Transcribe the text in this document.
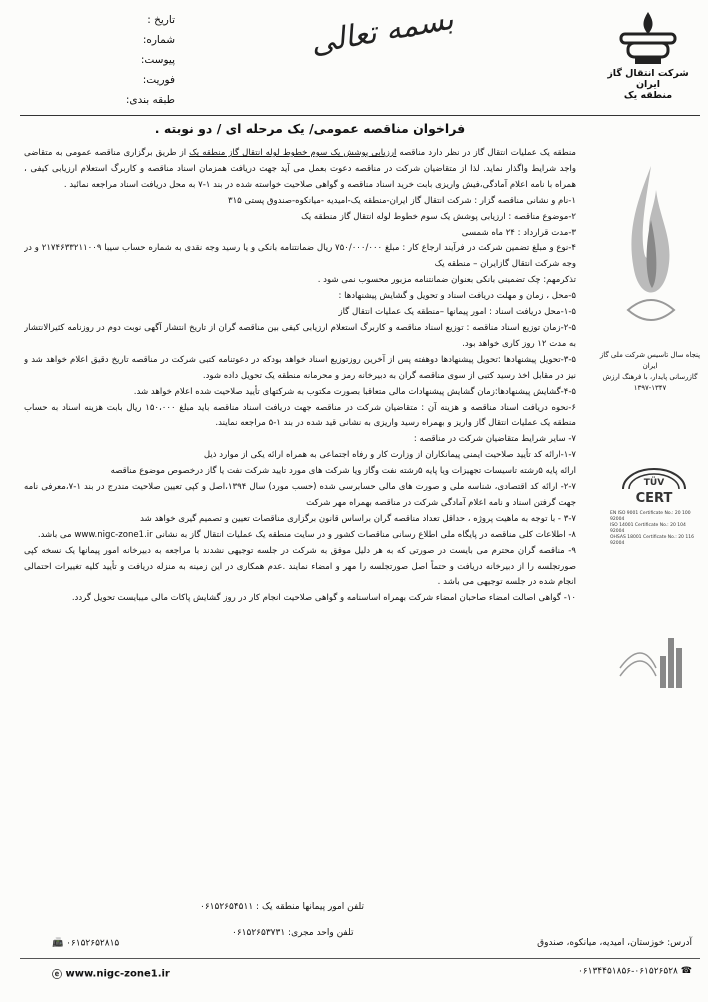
شرکت انتقال گاز ایران
منطقه یک
بسمه تعالی
تاریخ :
شماره:
پیوست:
فوریت:
طبقه بندی:
فراخوان مناقصه عمومی/ یک مرحله ای / دو نوبته .

منطقه یک عملیات انتقال گاز در نظر دارد مناقصه ارزیابی پوشش یک سوم خطوط لوله انتقال گاز منطقه یک از طریق برگزاری مناقصه عمومی به متقاضی واجد شرایط واگذار نماید. لذا از متقاضیان شرکت در مناقصه دعوت بعمل می آید جهت دریافت همزمان اسناد مناقصه و کاربرگ استعلام ارزیابی کیفی ، همراه با نامه اعلام آمادگی،فیش واریزی بابت خرید اسناد مناقصه و گواهی صلاحیت خواسته شده در بند ۱-۷ به محل دریافت اسناد مراجعه نمائید .

۱-نام و نشانی مناقصه گزار : شرکت انتقال گاز ایران-منطقه یک-امیدیه -میانکوه-صندوق پستی ۳۱۵

۲-موضوع مناقصه : ارزیابی پوشش یک سوم خطوط لوله انتقال گاز منطقه یک

۳-مدت قرارداد : ۲۴ ماه شمسی

۴-نوع و مبلغ تضمین شرکت در فرآیند ارجاع کار : مبلغ ۷۵۰/۰۰۰/۰۰۰ ریال ضمانتنامه بانکی و یا رسید وجه نقدی به شماره حساب سیبا ۲۱۷۴۶۳۳۲۱۱۰۰۹ و در وجه شرکت انتقال گازایران – منطقه یک

تذکرمهم: چک تضمینی بانکی بعنوان ضمانتنامه مزبور محسوب نمی شود .

۵-محل ، زمان و مهلت دریافت اسناد و تحویل و گشایش پیشنهادها :

۱-۵-محل دریافت اسناد : امور پیمانها –منطقه یک عملیات انتقال گاز

۲-۵-زمان توزیع اسناد مناقصه : توزیع اسناد مناقصه و کاربرگ استعلام ارزیابی کیفی بین مناقصه گران از تاریخ انتشار آگهی نوبت دوم در روزنامه کثیرالانتشار به مدت ۱۲ روز کاری خواهد بود.

۳-۵-تحویل پیشنهادها :تحویل پیشنهادها دوهفته پس از آخرین روزتوزیع اسناد خواهد بودکه در دعوتنامه کتبی شرکت در مناقصه تاریخ دقیق اعلام خواهد شد و نیز در مقابل اخذ رسید کتبی از سوی مناقصه گران به دبیرخانه رمز و محرمانه منطقه یک تحویل داده شود.

۴-۵-گشایش پیشنهادها:زمان گشایش پیشنهادات مالی متعاقبا بصورت مکتوب به شرکتهای تأیید صلاحیت شده اعلام خواهد شد.

۶-نحوه دریافت اسناد مناقصه و هزینه آن : متقاضیان شرکت در مناقصه جهت دریافت اسناد مناقصه باید مبلغ ۱۵۰،۰۰۰ ریال بابت هزینه اسناد به حساب منطقه یک عملیات انتقال گاز واریز و بهمراه رسید واریزی به نشانی قید شده در بند ۱-۵ مراجعه نمایند.

۷- سایر شرایط متقاضیان شرکت در مناقصه :

۱-۷-ارائه کد تأیید صلاحیت ایمنی پیمانکاران از وزارت کار و رفاه اجتماعی به همراه ارائه یکی از موارد ذیل

ارائه پایه ۵رشته تاسیسات تجهیزات ویا پایه ۵رشته نفت وگاز ویا شرکت های مورد تایید شرکت نفت یا گاز درخصوص موضوع مناقصه

۲-۷- ارائه کد اقتصادی، شناسه ملی و صورت های مالی حسابرسی شده (حسب مورد) سال ۱۳۹۴،اصل و کپی تعیین صلاحیت مندرج در بند ۱-۷،معرفی نامه جهت گرفتن اسناد و نامه اعلام آمادگی شرکت در مناقصه بهمراه مهر شرکت

۳-۷ - با توجه به ماهیت پروژه ، حداقل تعداد مناقصه گران براساس قانون برگزاری مناقصات تعیین و تصمیم گیری خواهد شد

۸- اطلاعات کلی مناقصه در پایگاه ملی اطلاع رسانی مناقصات کشور و در سایت منطقه یک عملیات انتقال گاز به نشانی www.nigc-zone1.ir می باشد.

۹- مناقصه گران محترم می بایست در صورتی که به هر دلیل موفق به شرکت در جلسه توجیهی نشدند با مراجعه به دبیرخانه امور پیمانها یک نسخه کپی صورتجلسه را از دبیرخانه دریافت و حتماً اصل صورتجلسه را مهر و امضاء نمایند .عدم همکاری در این زمینه به منزله دریافت و تأیید کلیه تغییرات احتمالی انجام شده در جلسه توجیهی می باشد .

۱۰- گواهی اصالت امضاء صاحبان امضاء شرکت بهمراه اساسنامه و گواهی صلاحیت انجام کار در روز گشایش پاکات مالی میبایست تحویل گردد.

پنجاه سال تاسیس شرکت ملی گاز ایران
گازرسانی پایدار، با فرهنگ ارزش
۱۳۹۷-۱۳۴۷
TÜV
CERT
EN ISO 9001 Certificate No.: 20 100 92004
ISO 14001 Certificate No.: 20 104 92004
OHSAS 18001 Certificate No.: 20 116 92004
تلفن امور پیمانها منطقه یک : ۰۶۱۵۲۶۵۴۵۱۱
تلفن واحد مجری: ۰۶۱۵۲۶۵۳۷۳۱
آدرس: خوزستان، امیدیه، میانکوه، صندوق
☎ ۰۶۱۳۴۴۵۱۸۵۶-۰۶۱۵۲۶۵۲۸
📠 ۰۶۱۵۲۶۵۲۸۱۵
ⓔ www.nigc-zone1.ir
